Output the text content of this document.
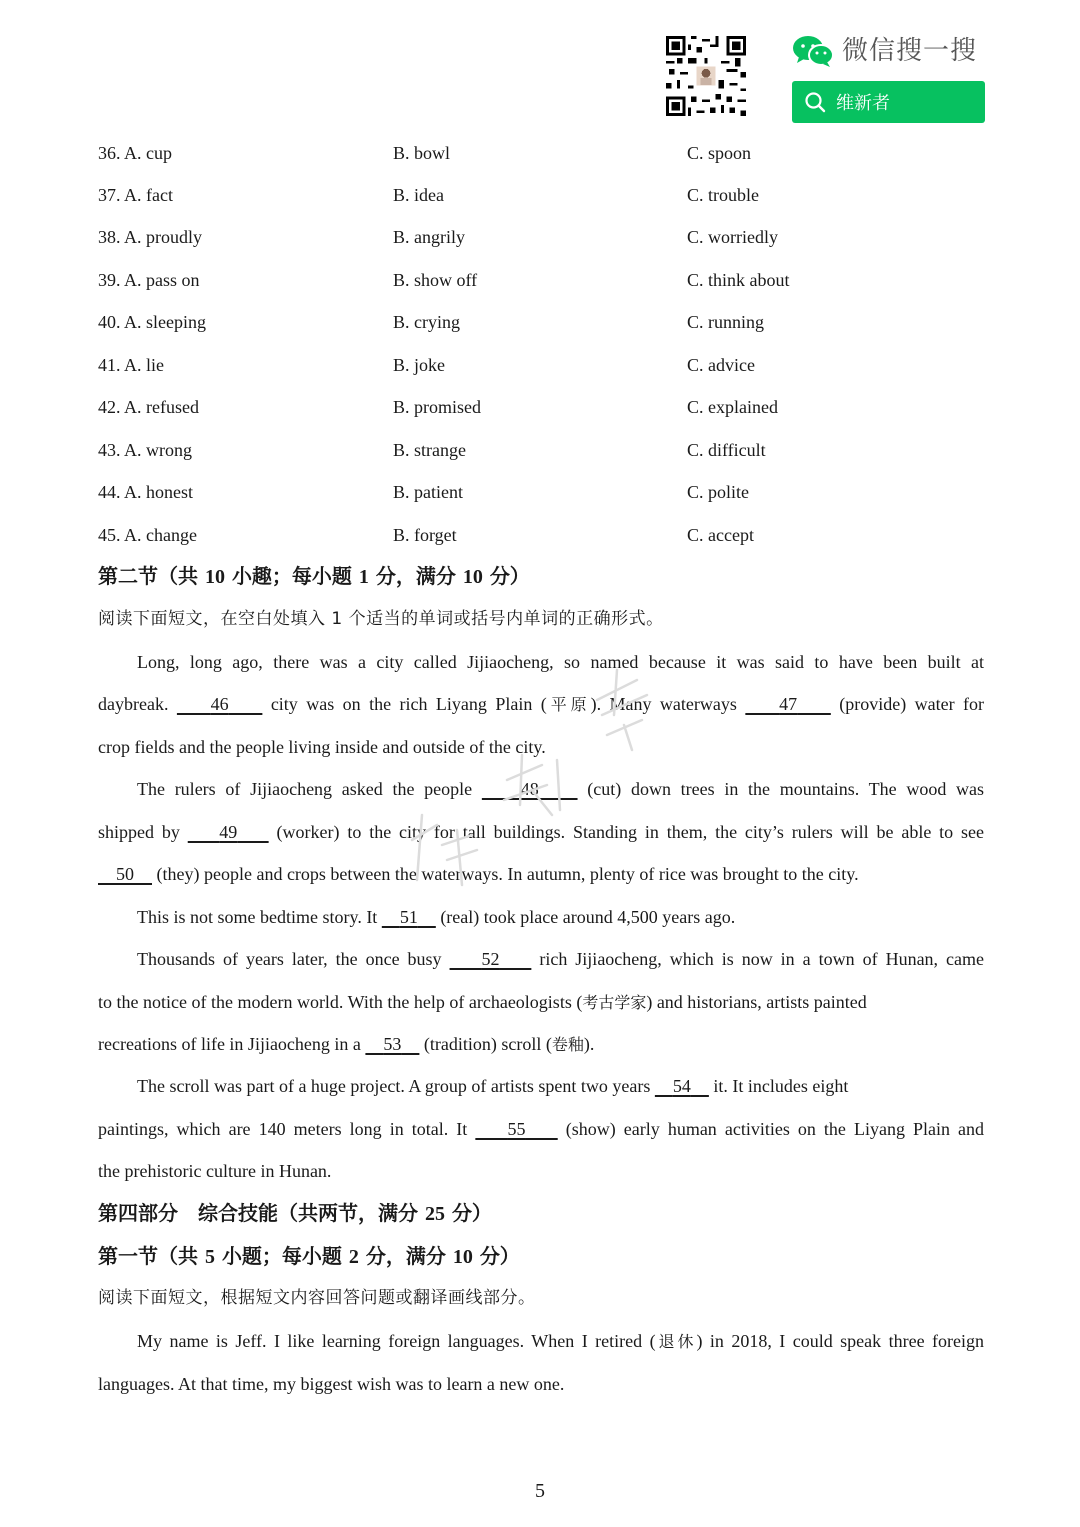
微信搜一搜
维新者
36. A. cup	B. bowl	C. spoon
37. A. fact	B. idea	C. trouble
38. A. proudly	B. angrily	C. worriedly
39. A. pass on	B. show off	C. think about
40. A. sleeping	B. crying	C. running
41. A. lie	B. joke	C. advice
42. A. refused	B. promised	C. explained
43. A. wrong	B. strange	C. difficult
44. A. honest	B. patient	C. polite
45. A. change	B. forget	C. accept
第二节（共 10 小趣；每小题 1 分，满分 10 分）
阅读下面短文，在空白处填入 1 个适当的单词或括号内单词的正确形式。
Long, long ago, there was a city called Jijiaocheng, so named because it was said to have been built at
daybreak. 46 city was on the rich Liyang Plain (平原). Many waterways 47 (provide) water for
crop fields and the people living inside and outside of the city.
The rulers of Jijiaocheng asked the people	48	(cut) down trees in the mountains. The wood was
shipped by 49 (worker) to the city for tall buildings. Standing in them, the city’s rulers will be able to see
50 (they) people and crops between the waterways. In autumn, plenty of rice was brought to the city.
This is not some bedtime story. It 51 (real) took place around 4,500 years ago.
Thousands of years later, the once busy 52 rich Jijiaocheng, which is now in a town of Hunan, came
to the notice of the modern world. With the help of archaeologists (考古学家) and historians, artists painted
recreations of life in Jijiaocheng in a 53 (tradition) scroll (卷釉).
The scroll was part of a huge project. A group of artists spent two years 54 it. It includes eight
paintings, which are 140 meters long in total. It 55 (show) early human activities on the Liyang Plain and
the prehistoric culture in Hunan.
第四部分　综合技能（共两节，满分 25 分）
第一节（共 5 小题；每小题 2 分，满分 10 分）
阅读下面短文，根据短文内容回答问题或翻译画线部分。
My name is Jeff. I like learning foreign languages. When I retired (退休) in 2018, I could speak three foreign
languages. At that time, my biggest wish was to learn a new one.
5
